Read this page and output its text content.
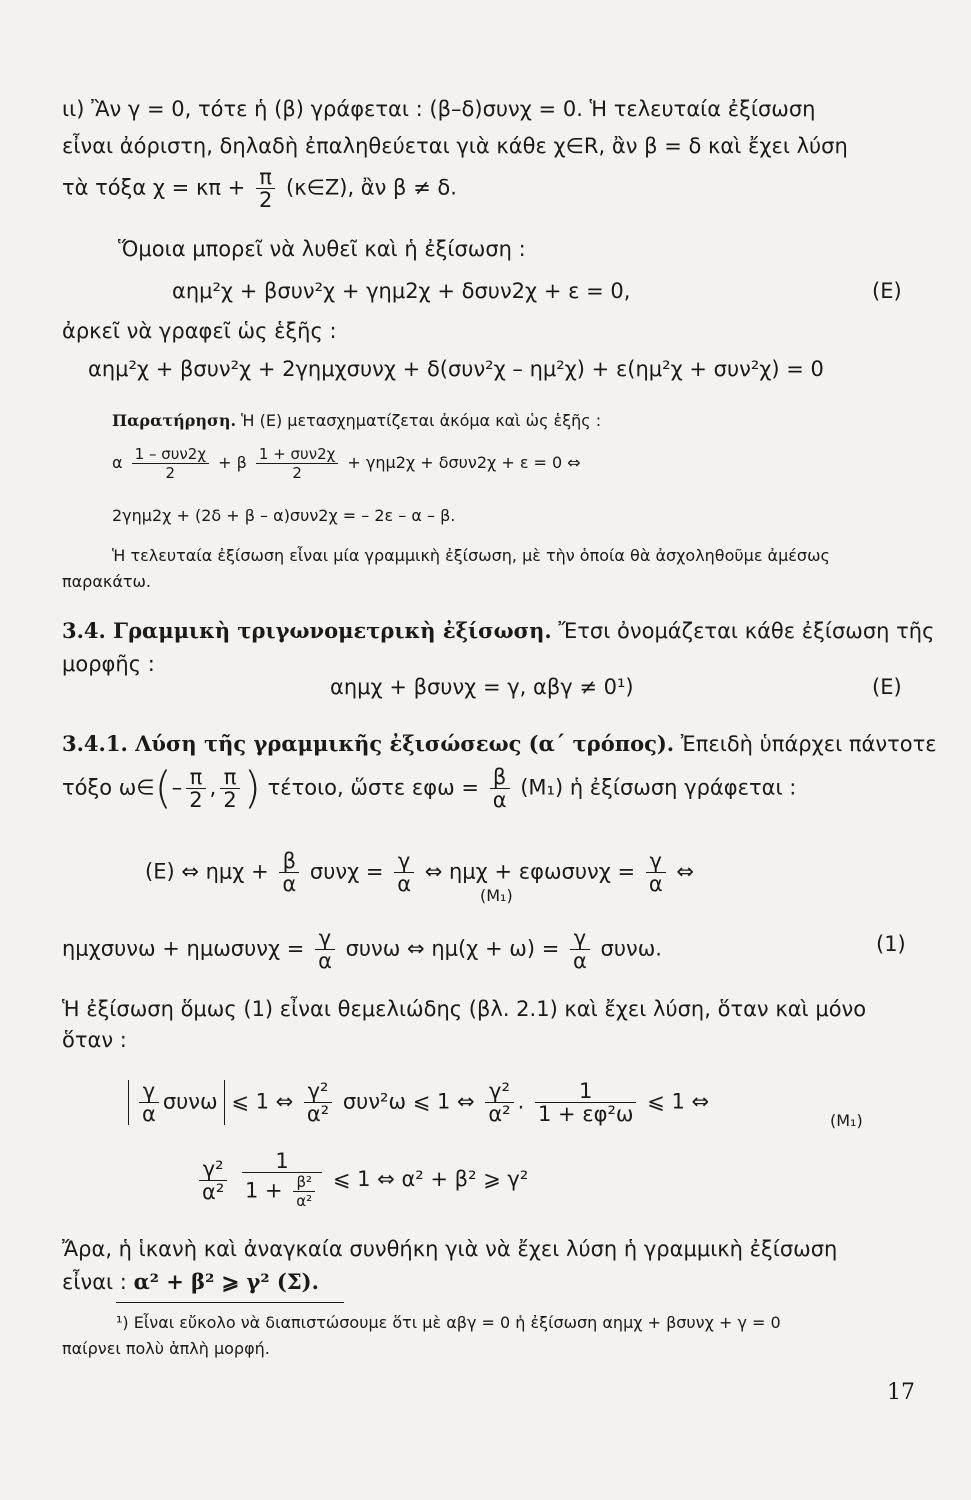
ιι) Ἂν γ = 0, τότε ἡ (β) γράφεται : (β–δ)συνχ = 0. Ἡ τελευταία ἐξίσωση
εἶναι ἀόριστη, δηλαδὴ ἐπαληθεύεται γιὰ κάθε χ∈R, ἂν β = δ καὶ ἔχει λύση
τὰ τόξα $\chi = \kappa\pi + \frac{\pi}{2}$ (κ∈Z), ἂν β ≠ δ.
Ὅμοια μπορεῖ νὰ λυθεῖ καὶ ἡ ἐξίσωση :
αημ²χ + βσυν²χ + γημ2χ + δσυν2χ + ε = 0,	(E)
ἀρκεῖ νὰ γραφεῖ ὡς ἑξῆς :
αημ²χ + βσυν²χ + 2γημχσυνχ + δ(συν²χ – ημ²χ) + ε(ημ²χ + συν²χ) = 0
Παρατήρηση. Ἡ (E) μετασχηματίζεται ἀκόμα καὶ ὡς ἑξῆς :
α $\frac{\text{1 – συν2χ}}{2} + \beta \frac{\text{1 + συν2χ}}{2} + \gamma\eta\mu 2\chi + \delta\sigma\upsilon\nu 2\chi + \varepsilon = 0$ ⇔
2γημ2χ + (2δ + β – α)συν2χ = – 2ε – α – β.
Ἡ τελευταία ἐξίσωση εἶναι μία γραμμικὴ ἐξίσωση, μὲ τὴν ὁποία θὰ ἀσχοληθοῦμε ἀμέσως
παρακάτω.
3.4. Γραμμικὴ τριγωνομετρικὴ ἐξίσωση. Ἔτσι ὀνομάζεται κάθε ἐξίσωση τῆς
μορφῆς :
αημχ + βσυνχ = γ, αβγ ≠ 0¹)	(E)
3.4.1. Λύση τῆς γραμμικῆς ἐξισώσεως (α΄ τρόπος). Ἐπειδὴ ὑπάρχει πάντοτε
τόξο ω∈(– $\frac{\pi}{2}$ , $\frac{\pi}{2}$ ) τέτοιο, ὥστε $\varepsilon\varphi\omega = \frac{\beta}{\alpha} (M_1)$ ἡ ἐξίσωση γράφεται :
(E) ⇔ $\eta\mu\chi + \frac{\beta}{\alpha}$ $\sigma\upsilon\nu\chi = \frac{\gamma}{\alpha}$ ⇔ $\eta\mu\chi + \varepsilon\varphi\omega\sigma\upsilon\nu\chi = \frac{\gamma}{\alpha}$ ⇔
(M₁)
$\eta\mu\chi\sigma\upsilon\nu\omega + \eta\mu\omega\sigma\upsilon\nu\chi = \frac{\gamma}{\alpha}$ συνω ⇔ $\eta\mu(\chi + \omega) = \frac{\gamma}{\alpha} \sigma\upsilon\nu\omega$.	(1)
Ἡ ἐξίσωση ὅμως (1) εἶναι θεμελιώδης (βλ. 2.1) καὶ ἔχει λύση, ὅταν καὶ μόνο
ὅταν :
$\frac{\gamma}{\alpha}$ συνω ⩽ 1 ⇔ $\frac{\text{γ²}}{\text{α²}} \sigma\upsilon\nu^2\omega$ ⩽ 1 ⇔ $\frac{\text{γ²}}{\text{α²}}$ . $\frac{1}{\text{1 + εφ²ω}}$ ⩽ 1 ⇔
(M₁)
$\frac{\text{γ²}}{\text{α²}}$
$\frac{1}{1 + \frac{\text{β²}}{\text{α²}}}$ ⩽ 1 ⇔ α² + β² ⩾ γ²
Ἄρα, ἡ ἱκανὴ καὶ ἀναγκαία συνθήκη γιὰ νὰ ἔχει λύση ἡ γραμμικὴ ἐξίσωση
εἶναι : α² + β² ⩾ γ² (Σ).
¹) Εἶναι εὔκολο νὰ διαπιστώσουμε ὅτι μὲ αβγ = 0 ἡ ἐξίσωση αημχ + βσυνχ + γ = 0
παίρνει πολὺ ἁπλὴ μορφή.
17
